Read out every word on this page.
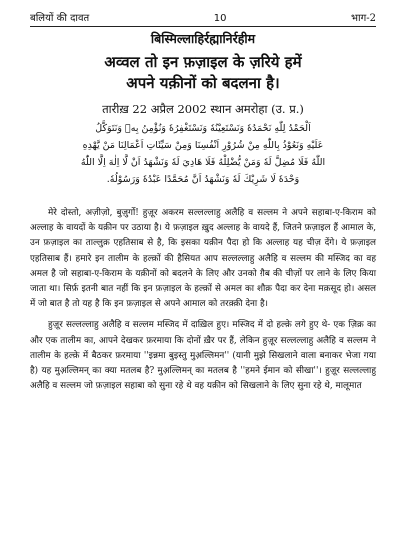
बलियों की दावत	10	भाग-2
बिस्मिल्लाहिर्रह्मानिर्रहीम
अव्वल तो इन फ़ज़ाइल के ज़रिये हमें
अपने यक़ीनों को बदलना है।
तारीख़ 22 अप्रैल 2002 स्थान अमरोहा (उ. प्र.)
اَلْحَمْدُ لِلّٰهِ نَحْمَدُهٗ وَنَسْتَعِيْنُهٗ وَنَسْتَغْفِرُهٗ وَنُؤْمِنُ بِهٖ وَنَتَوَكَّلُ
عَلَيْهِ وَنَعُوْذُ بِاللّٰهِ مِنْ شُرُوْرِ اَنْفُسِنَا وَمِنْ سَيِّئَاتِ اَعْمَالِنَا مَنْ يَّهْدِهِ
اللّٰهُ فَلَا مُضِلَّ لَهٗ وَمَنْ يُّضْلِلْهُ فَلَا هَادِيَ لَهٗ وَنَشْهَدُ اَنْ لَّا اِلٰهَ اِلَّا اللّٰهُ
وَحْدَهٗ لَا شَرِيْكَ لَهٗ وَنَشْهَدُ اَنَّ مُحَمَّدًا عَبْدُهٗ وَرَسُوْلُهٗ.

मेरे दोस्तो, अज़ीज़ो, बुज़ुर्गो! हुज़ूर अकरम सल्लल्लाहु अलैहि व सल्लम ने अपने सहाबा-ए-किराम को अल्लाह के वायदों के यक़ीन पर उठाया है। ये फ़ज़ाइल ख़ुद अल्लाह के वायदे हैं, जितने फ़ज़ाइल हैं आमाल के, उन फ़ज़ाइल का ताल्लुक़ एहतिसाब से है, कि इसका यक़ीन पैदा हो कि अल्लाह यह चीज़ देंगे। ये फ़ज़ाइल एहतिसाब हैं। हमारे इन तालीम के हल्क़ों की हैसियत आप सल्लल्लाहु अलैहि व सल्लम की मस्जिद का वह अमल है जो सहाबा-ए-किराम के यक़ीनों को बदलने के लिए और उनको ग़ैब की चीज़ों पर लाने के लिए किया जाता था। सिर्फ़ इतनी बात नहीं कि इन फ़ज़ाइल के हल्क़ों से अमल का शौक़ पैदा कर देना मक़सूद हो। असल में जो बात है तो यह है कि इन फ़ज़ाइल से अपने आमाल को तरक़्क़ी देना है।

हुज़ूर सल्लल्लाहु अलैहि व सल्लम मस्जिद में दाख़िल हुए। मस्जिद में दो हल्क़े लगे हुए थे- एक ज़िक्र का और एक तालीम का, आपने देखकर फ़रमाया कि दोनों ख़ैर पर हैं, लेकिन हुज़ूर सल्लल्लाहु अलैहि व सल्लम ने तालीम के हल्क़े में बैठकर फ़रमाया ''इन्नमा बुइस्तु मुअ़ल्लिमन'' (यानी मुझे सिखलाने वाला बनाकर भेजा गया है) यह मुअ़ल्लिमन् का क्या मतलब है? मुअ़ल्लिमन् का मतलब है ''हमने ईमान को सीखा''। हुज़ूर सल्लल्लाहु अलैहि व सल्लम जो फ़ज़ाइल सहाबा को सुना रहे थे वह यक़ीन को सिखलाने के लिए सुना रहे थे, मालूमात
